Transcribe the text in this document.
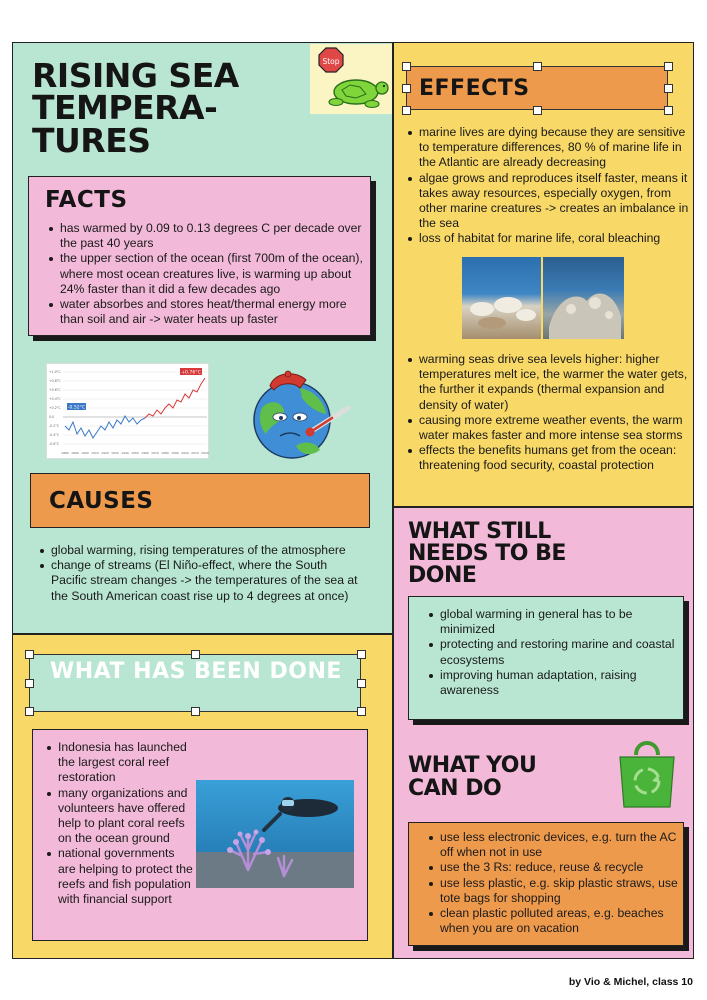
RISING SEA
TEMPERA-
TURES
Stop
FACTS
has warmed by 0.09 to 0.13 degrees C per decade over the past 40 years
the upper section of the ocean (first 700m of the ocean), where most ocean creatures live, is warming up about 24% faster than it did a few decades ago
water absorbes and stores heat/thermal energy more than soil and air -> water heats up faster
-0.52°C
+0.76°C
+1.0°C
+0.8°C
+0.6°C
+0.4°C
+0.2°C
0.0
-0.2°C
-0.4°C
-0.6°C
1880 1890 1900 1910 1920 1930 1940 1950 1960 1970 1980 1990 2000 2010 2020
CAUSES
global warming, rising temperatures of the atmosphere
change of streams (El Niño-effect, where the South Pacific stream changes -> the temperatures of the sea at the South American coast rise up to 4 degrees at once)
WHAT HAS BEEN DONE
Indonesia has launched the largest coral reef restoration
many organizations and volunteers have offered help to plant coral reefs on the ocean ground
national governments are helping to protect the reefs and fish population with financial support
EFFECTS
marine lives are dying because they are sensitive to temperature differences, 80 % of marine life in the Atlantic are already decreasing
algae grows and reproduces itself faster, means it takes away resources, especially oxygen, from other marine creatures -> creates an imbalance in the sea
loss of habitat for marine life, coral bleaching
warming seas drive sea levels higher: higher temperatures melt ice, the warmer the water gets, the further it expands (thermal expansion and density of water)
causing more extreme weather events, the warm water makes faster and more intense sea storms
effects the benefits humans get from the ocean: threatening food security, coastal protection
WHAT STILL
NEEDS TO BE
DONE
global warming in general has to be minimized
protecting and restoring marine and coastal ecosystems
improving human adaptation, raising awareness
WHAT YOU
CAN DO
use less electronic devices, e.g. turn the AC off when not in use
use the 3 Rs: reduce, reuse & recycle
use less plastic, e.g. skip plastic straws, use tote bags for shopping
clean plastic polluted areas, e.g. beaches when you are on vacation
by Vio & Michel, class 10
